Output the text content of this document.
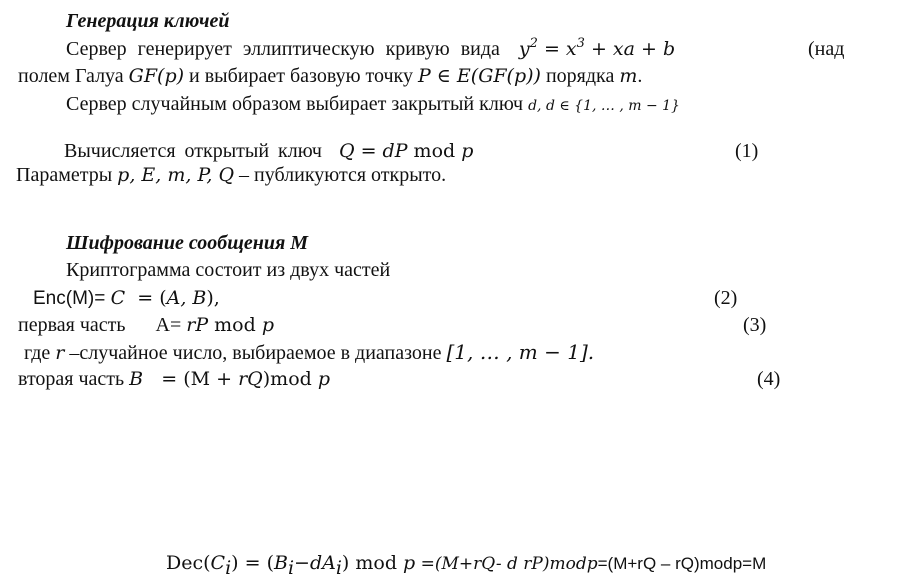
Генерация ключей
Сервер генерирует эллиптическую кривую вида $y^2 = x^3$ + xa + b	(над
полем Галуа GF(p) и выбирает базовую точку P ∈ E(GF(p)) порядка m.
Сервер случайным образом выбирает закрытый ключ d, d ∈ {1, … , m − 1}
Вычисляется открытый ключ Q = dP mod p	(1)
Параметры p, E, m, P, Q – публикуются открыто.
Шифрование сообщения M
Криптограмма состоит из двух частей
Enc(M)= C  = (A, B),	(2)
первая часть      A= rP mod p	(3)
где r –случайное число, выбираемое в диапазоне [1, … , m − 1].
вторая часть B   = (M + rQ)mod p	(4)
$Dec(C_i) = (B_i-dA_i)$ mod p =(M+rQ- d rP)modp=(M+rQ – rQ)modp=M
